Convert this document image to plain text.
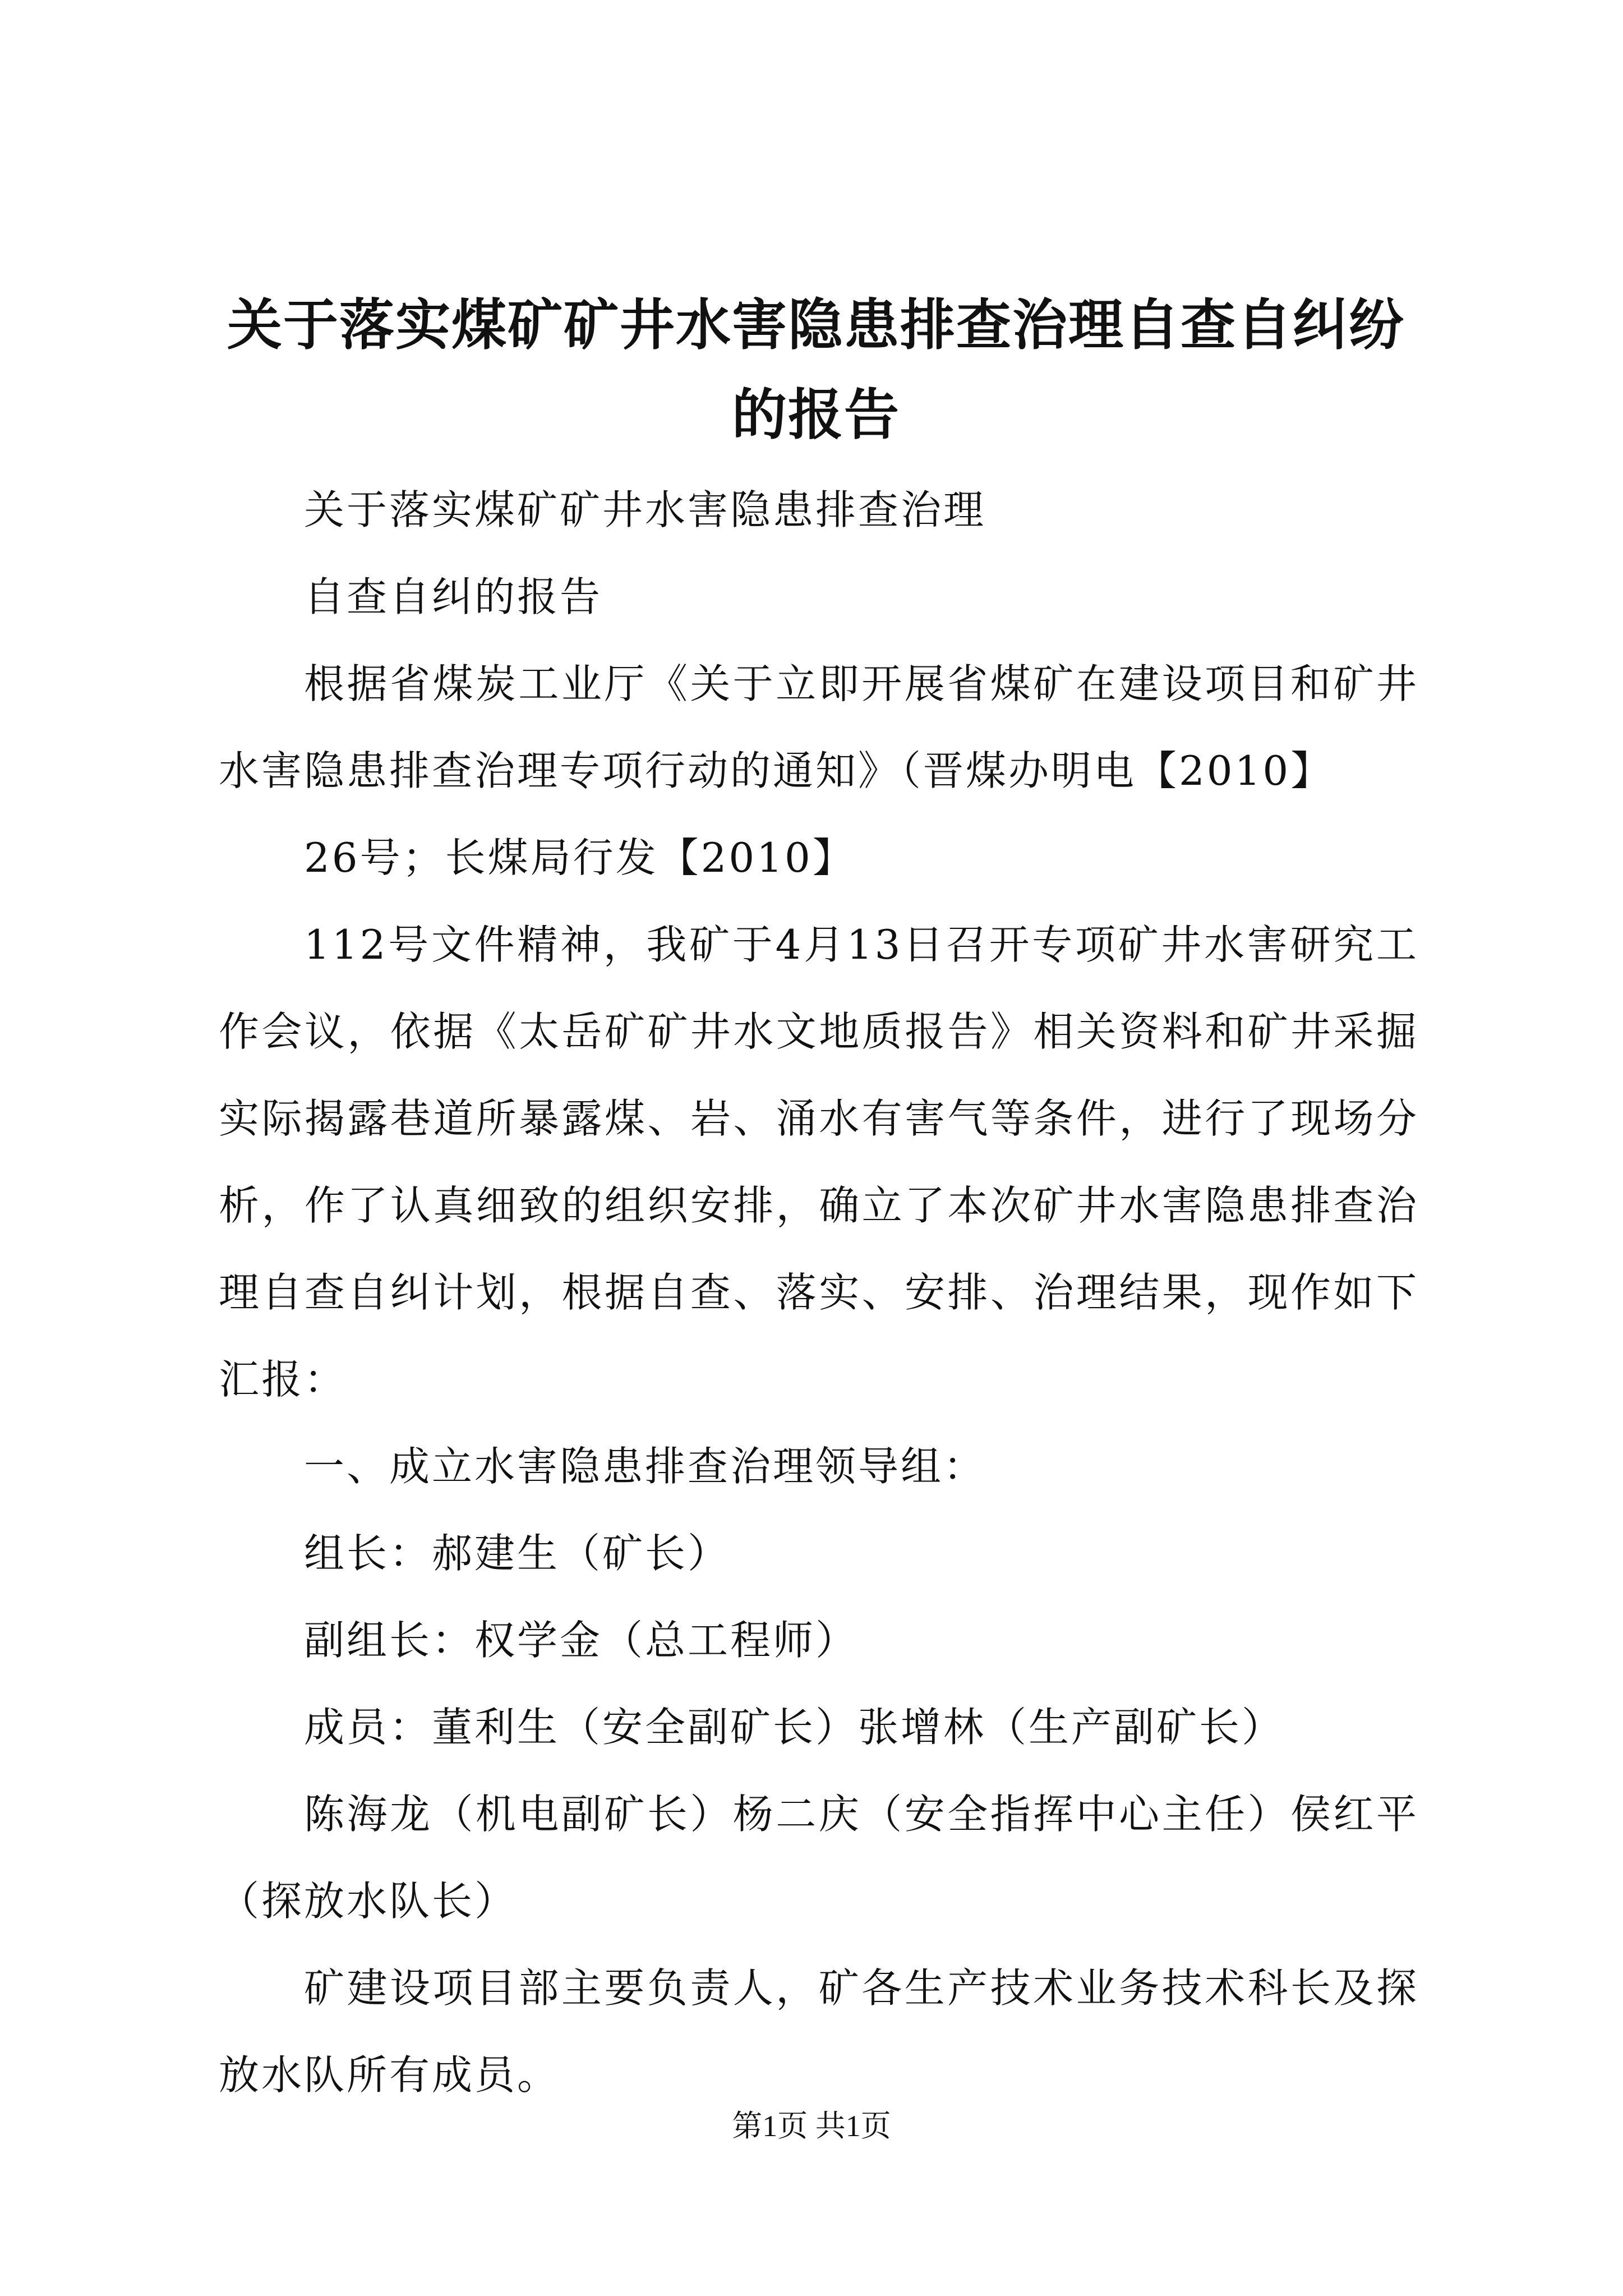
关于落实煤矿矿井水害隐患排查治理自查自纠纷的报告

关于落实煤矿矿井水害隐患排查治理

自查自纠的报告

根据省煤炭工业厅《关于立即开展省煤矿在建设项目和矿井水害隐患排查治理专项行动的通知》（晋煤办明电【2010】

26号；长煤局行发【2010】

112号文件精神，我矿于4月13日召开专项矿井水害研究工作会议，依据《太岳矿矿井水文地质报告》相关资料和矿井采掘实际揭露巷道所暴露煤、岩、涌水有害气等条件，进行了现场分析，作了认真细致的组织安排，确立了本次矿井水害隐患排查治理自查自纠计划，根据自查、落实、安排、治理结果，现作如下汇报：

一、成立水害隐患排查治理领导组：

组长：郝建生（矿长）

副组长：权学金（总工程师）

成员：董利生（安全副矿长）张增林（生产副矿长）

陈海龙（机电副矿长）杨二庆（安全指挥中心主任）侯红平（探放水队长）

矿建设项目部主要负责人，矿各生产技术业务技术科长及探放水队所有成员。

第1页 共1页
